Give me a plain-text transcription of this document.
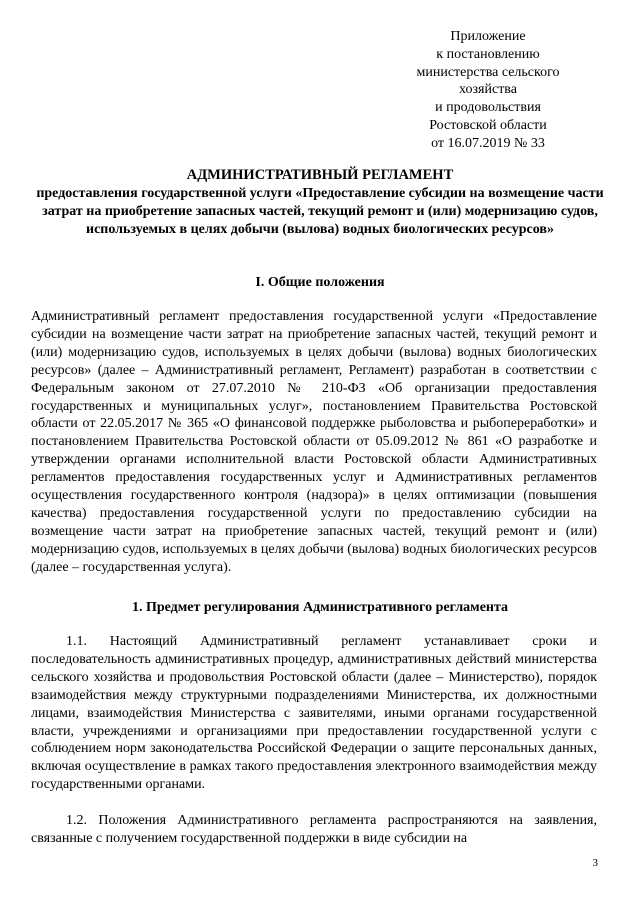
Приложение
к постановлению
министерства сельского
хозяйства
и продовольствия
Ростовской области
от 16.07.2019 № 33
АДМИНИСТРАТИВНЫЙ РЕГЛАМЕНТ
предоставления государственной услуги «Предоставление субсидии на возмещение части затрат на приобретение запасных частей, текущий ремонт и (или) модернизацию судов, используемых в целях добычи (вылова) водных биологических ресурсов»
I. Общие положения
Административный регламент предоставления государственной услуги «Предоставление субсидии на возмещение части затрат на приобретение запасных частей, текущий ремонт и (или) модернизацию судов, используемых в целях добычи (вылова) водных биологических ресурсов» (далее – Административный регламент, Регламент) разработан в соответствии с Федеральным законом от 27.07.2010 № 210-ФЗ «Об организации предоставления государственных и муниципальных услуг», постановлением Правительства Ростовской области от 22.05.2017 № 365 «О финансовой поддержке рыболовства и рыбопереработки» и постановлением Правительства Ростовской области от 05.09.2012 № 861 «О разработке и утверждении органами исполнительной власти Ростовской области Административных регламентов предоставления государственных услуг и Административных регламентов осуществления государственного контроля (надзора)» в целях оптимизации (повышения качества) предоставления государственной услуги по предоставлению субсидии на возмещение части затрат на приобретение запасных частей, текущий ремонт и (или) модернизацию судов, используемых в целях добычи (вылова) водных биологических ресурсов (далее – государственная услуга).
1. Предмет регулирования Административного регламента
1.1. Настоящий Административный регламент устанавливает сроки и последовательность административных процедур, административных действий министерства сельского хозяйства и продовольствия Ростовской области (далее – Министерство), порядок взаимодействия между структурными подразделениями Министерства, их должностными лицами, взаимодействия Министерства с заявителями, иными органами государственной власти, учреждениями и организациями при предоставлении государственной услуги с соблюдением норм законодательства Российской Федерации о защите персональных данных, включая осуществление в рамках такого предоставления электронного взаимодействия между государственными органами.
1.2. Положения Административного регламента распространяются на заявления, связанные с получением государственной поддержки в виде субсидии на
3
